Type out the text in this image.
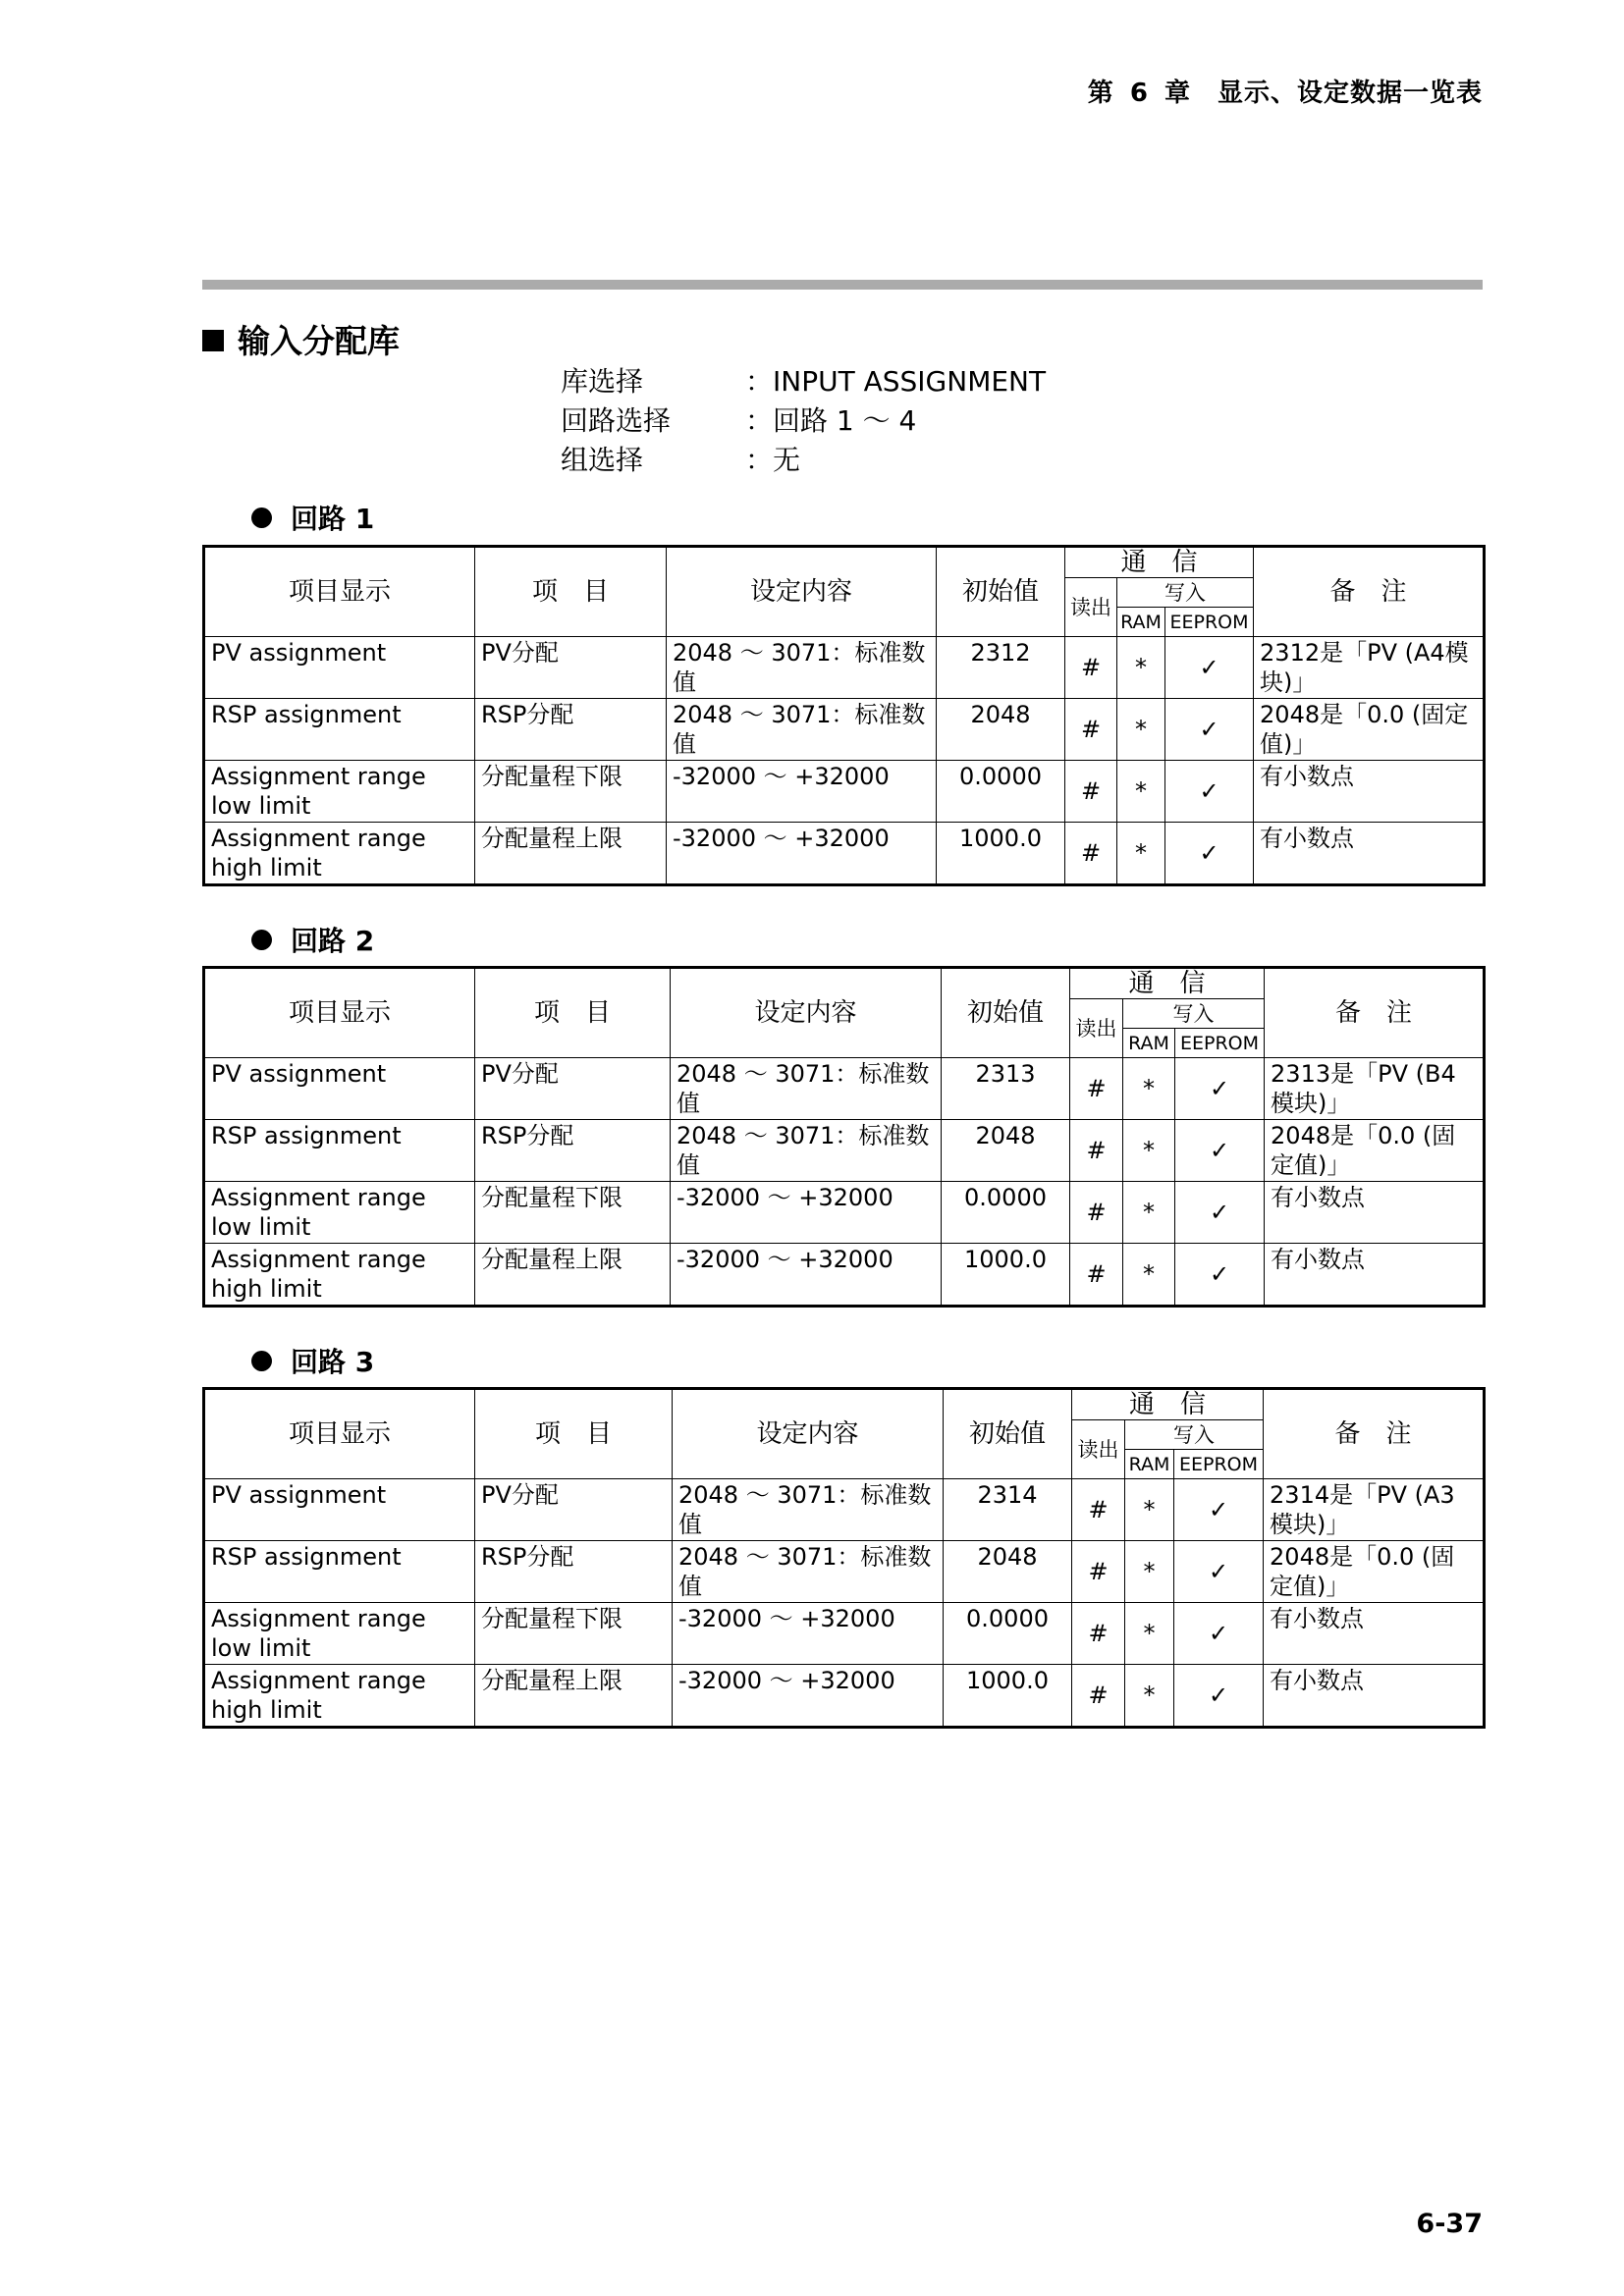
第 6 章　显示、设定数据一览表
输入分配库
库选择	：INPUT ASSIGNMENT
回路选择	：回路 1 ～ 4
组选择	：无
回路 1
项目显示	项　目	设定内容	初始值	通　信			备　注
				读出	写入		
					RAM	EEPROM	
PV assignment	PV分配	2048 ～ 3071：标准数值	2312	#	*	✓	2312是「PV (A4模块)」
RSP assignment	RSP分配	2048 ～ 3071：标准数值	2048	#	*	✓	2048是「0.0 (固定值)」
Assignment range low limit	分配量程下限	-32000 ～ +32000	0.0000	#	*	✓	有小数点
Assignment range high limit	分配量程上限	-32000 ～ +32000	1000.0	#	*	✓	有小数点
回路 2
项目显示	项　目	设定内容	初始值	通　信			备　注
				读出	写入		
					RAM	EEPROM	
PV assignment	PV分配	2048 ～ 3071：标准数值	2313	#	*	✓	2313是「PV (B4模块)」
RSP assignment	RSP分配	2048 ～ 3071：标准数值	2048	#	*	✓	2048是「0.0 (固定值)」
Assignment range low limit	分配量程下限	-32000 ～ +32000	0.0000	#	*	✓	有小数点
Assignment range high limit	分配量程上限	-32000 ～ +32000	1000.0	#	*	✓	有小数点
回路 3
项目显示	项　目	设定内容	初始值	通　信			备　注
				读出	写入		
					RAM	EEPROM	
PV assignment	PV分配	2048 ～ 3071：标准数值	2314	#	*	✓	2314是「PV (A3模块)」
RSP assignment	RSP分配	2048 ～ 3071：标准数值	2048	#	*	✓	2048是「0.0 (固定值)」
Assignment range low limit	分配量程下限	-32000 ～ +32000	0.0000	#	*	✓	有小数点
Assignment range high limit	分配量程上限	-32000 ～ +32000	1000.0	#	*	✓	有小数点
6-37
